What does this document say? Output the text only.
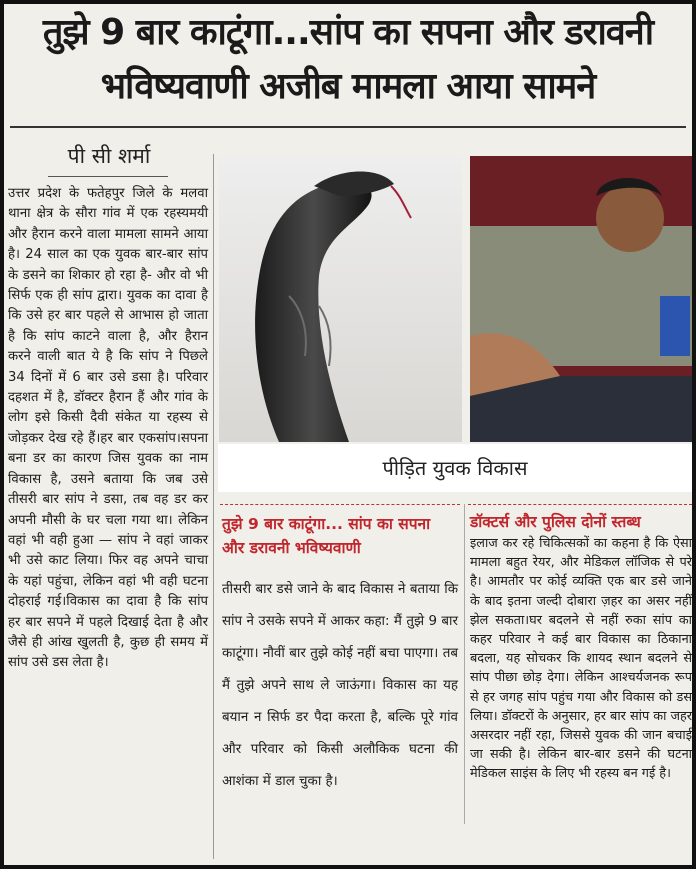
तुझे 9 बार काटूंगा...सांप का सपना और डरावनी
भविष्यवाणी अजीब मामला आया सामने
पी सी शर्मा
उत्तर प्रदेश के फतेहपुर जिले के मलवा थाना क्षेत्र के सौरा गांव में एक रहस्यमयी और हैरान करने वाला मामला सामने आया है। 24 साल का एक युवक बार-बार सांप के डसने का शिकार हो रहा है- और वो भी सिर्फ एक ही सांप द्वारा। युवक का दावा है कि उसे हर बार पहले से आभास हो जाता है कि सांप काटने वाला है, और हैरान करने वाली बात ये है कि सांप ने पिछले 34 दिनों में 6 बार उसे डसा है। परिवार दहशत में है, डॉक्टर हैरान हैं और गांव के लोग इसे किसी दैवी संकेत या रहस्य से जोड़कर देख रहे हैं।हर बार एकसांप।सपना बना डर का कारण जिस युवक का नाम विकास है, उसने बताया कि जब उसे तीसरी बार सांप ने डसा, तब वह डर कर अपनी मौसी के घर चला गया था। लेकिन वहां भी वही हुआ — सांप ने वहां जाकर भी उसे काट लिया। फिर वह अपने चाचा के यहां पहुंचा, लेकिन वहां भी वही घटना दोहराई गई।विकास का दावा है कि सांप हर बार सपने में पहले दिखाई देता है और जैसे ही आंख खुलती है, कुछ ही समय में सांप उसे डस लेता है।
पीड़ित युवक विकास
तुझे 9 बार काटूंगा... सांप का सपना
और डरावनी भविष्यवाणी
तीसरी बार डसे जाने के बाद विकास ने बताया कि सांप ने उसके सपने में आकर कहा: मैं तुझे 9 बार काटूंगा। नौवीं बार तुझे कोई नहीं बचा पाएगा। तब मैं तुझे अपने साथ ले जाऊंगा। विकास का यह बयान न सिर्फ डर पैदा करता है, बल्कि पूरे गांव और परिवार को किसी अलौकिक घटना की आशंका में डाल चुका है।
डॉक्टर्स और पुलिस दोनों स्तब्ध
इलाज कर रहे चिकित्सकों का कहना है कि ऐसा मामला बहुत रेयर, और मेडिकल लॉजिक से परे है। आमतौर पर कोई व्यक्ति एक बार डसे जाने के बाद इतना जल्दी दोबारा ज़हर का असर नहीं झेल सकता।घर बदलने से नहीं रुका सांप का कहर परिवार ने कई बार विकास का ठिकाना बदला, यह सोचकर कि शायद स्थान बदलने से सांप पीछा छोड़ देगा। लेकिन आश्चर्यजनक रूप से हर जगह सांप पहुंच गया और विकास को डस लिया। डॉक्टरों के अनुसार, हर बार सांप का जहर असरदार नहीं रहा, जिससे युवक की जान बचाई जा सकी है। लेकिन बार-बार डसने की घटना मेडिकल साइंस के लिए भी रहस्य बन गई है।
